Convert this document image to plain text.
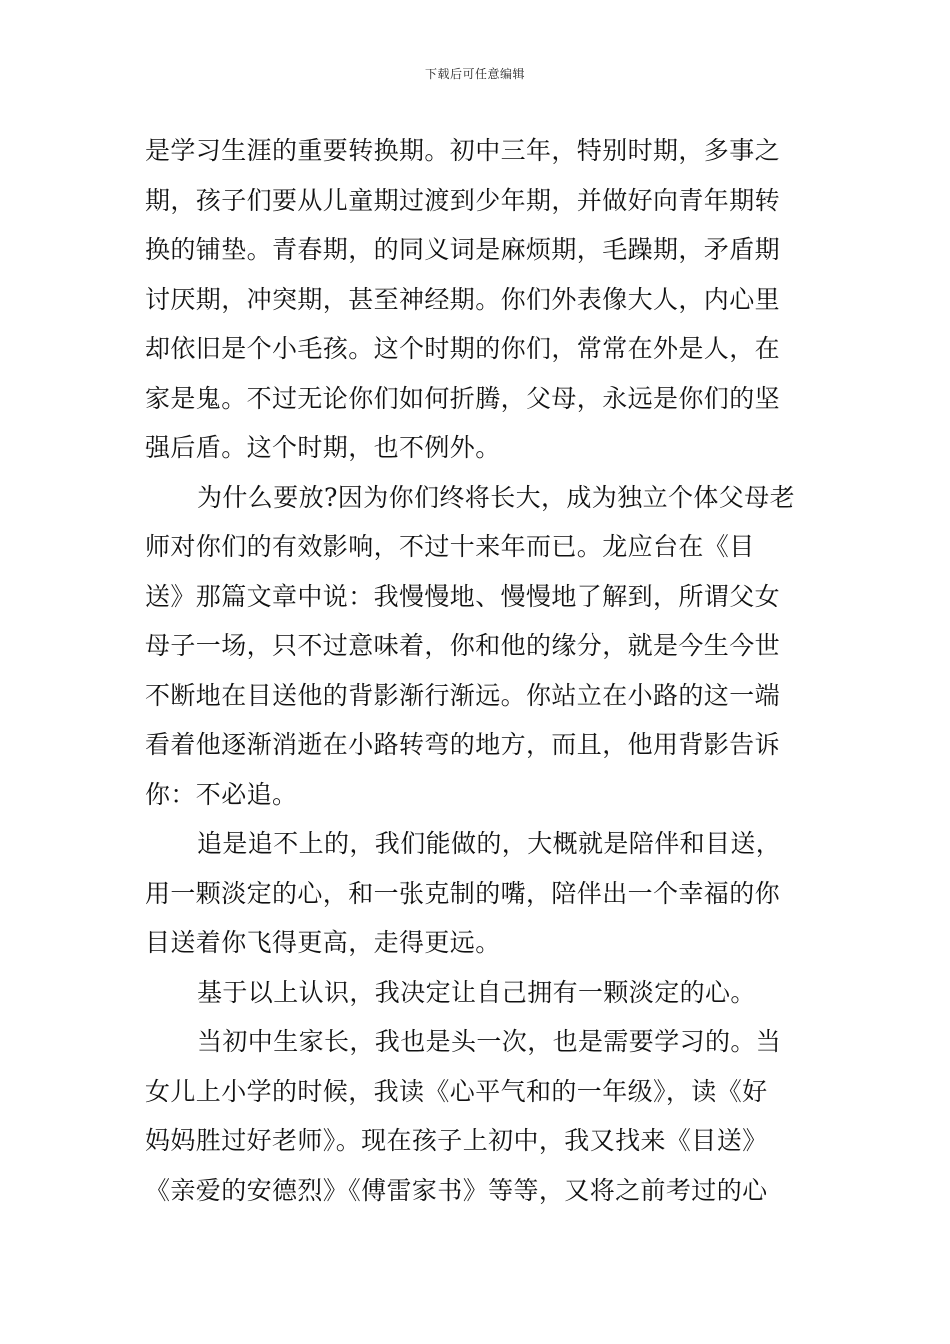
下载后可任意编辑
是学习生涯的重要转换期。初中三年，特别时期，多事之
期，孩子们要从儿童期过渡到少年期，并做好向青年期转
换的铺垫。青春期，的同义词是麻烦期，毛躁期，矛盾期
讨厌期，冲突期，甚至神经期。你们外表像大人，内心里
却依旧是个小毛孩。这个时期的你们，常常在外是人，在
家是鬼。不过无论你们如何折腾，父母，永远是你们的坚
强后盾。这个时期，也不例外。
为什么要放?因为你们终将长大，成为独立个体父母老
师对你们的有效影响，不过十来年而已。龙应台在《目
送》那篇文章中说：我慢慢地、慢慢地了解到，所谓父女
母子一场，只不过意味着，你和他的缘分，就是今生今世
不断地在目送他的背影渐行渐远。你站立在小路的这一端
看着他逐渐消逝在小路转弯的地方，而且，他用背影告诉
你：不必追。
追是追不上的，我们能做的，大概就是陪伴和目送，
用一颗淡定的心，和一张克制的嘴，陪伴出一个幸福的你
目送着你飞得更高，走得更远。
基于以上认识，我决定让自己拥有一颗淡定的心。
当初中生家长，我也是头一次，也是需要学习的。当
女儿上小学的时候，我读《心平气和的一年级》，读《好
妈妈胜过好老师》。现在孩子上初中，我又找来《目送》
《亲爱的安德烈》《傅雷家书》等等，又将之前考过的心
